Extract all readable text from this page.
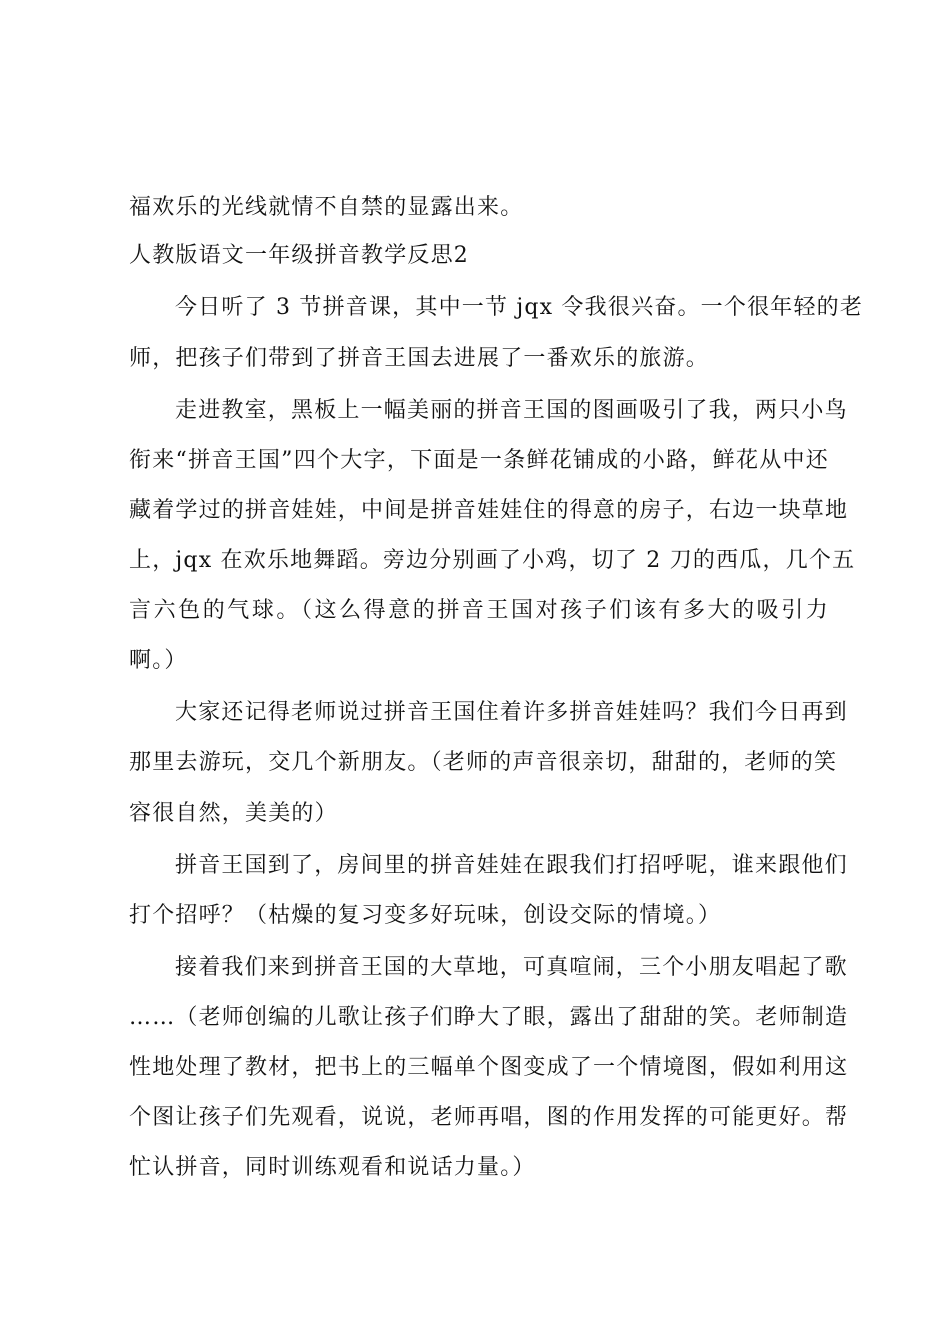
福欢乐的光线就情不自禁的显露出来。
人教版语文一年级拼音教学反思2
今日听了 3 节拼音课，其中一节 jqx 令我很兴奋。一个很年轻的老
师，把孩子们带到了拼音王国去进展了一番欢乐的旅游。
走进教室，黑板上一幅美丽的拼音王国的图画吸引了我，两只小鸟
衔来“拼音王国”四个大字，下面是一条鲜花铺成的小路，鲜花从中还
藏着学过的拼音娃娃，中间是拼音娃娃住的得意的房子，右边一块草地
上，jqx 在欢乐地舞蹈。旁边分别画了小鸡，切了 2 刀的西瓜，几个五
言六色的气球。（这么得意的拼音王国对孩子们该有多大的吸引力
啊。）
大家还记得老师说过拼音王国住着许多拼音娃娃吗？我们今日再到
那里去游玩，交几个新朋友。（老师的声音很亲切，甜甜的，老师的笑
容很自然，美美的）
拼音王国到了，房间里的拼音娃娃在跟我们打招呼呢，谁来跟他们
打个招呼？（枯燥的复习变多好玩味，创设交际的情境。）
接着我们来到拼音王国的大草地，可真喧闹，三个小朋友唱起了歌
……（老师创编的儿歌让孩子们睁大了眼，露出了甜甜的笑。老师制造
性地处理了教材，把书上的三幅单个图变成了一个情境图，假如利用这
个图让孩子们先观看，说说，老师再唱，图的作用发挥的可能更好。帮
忙认拼音，同时训练观看和说话力量。）
